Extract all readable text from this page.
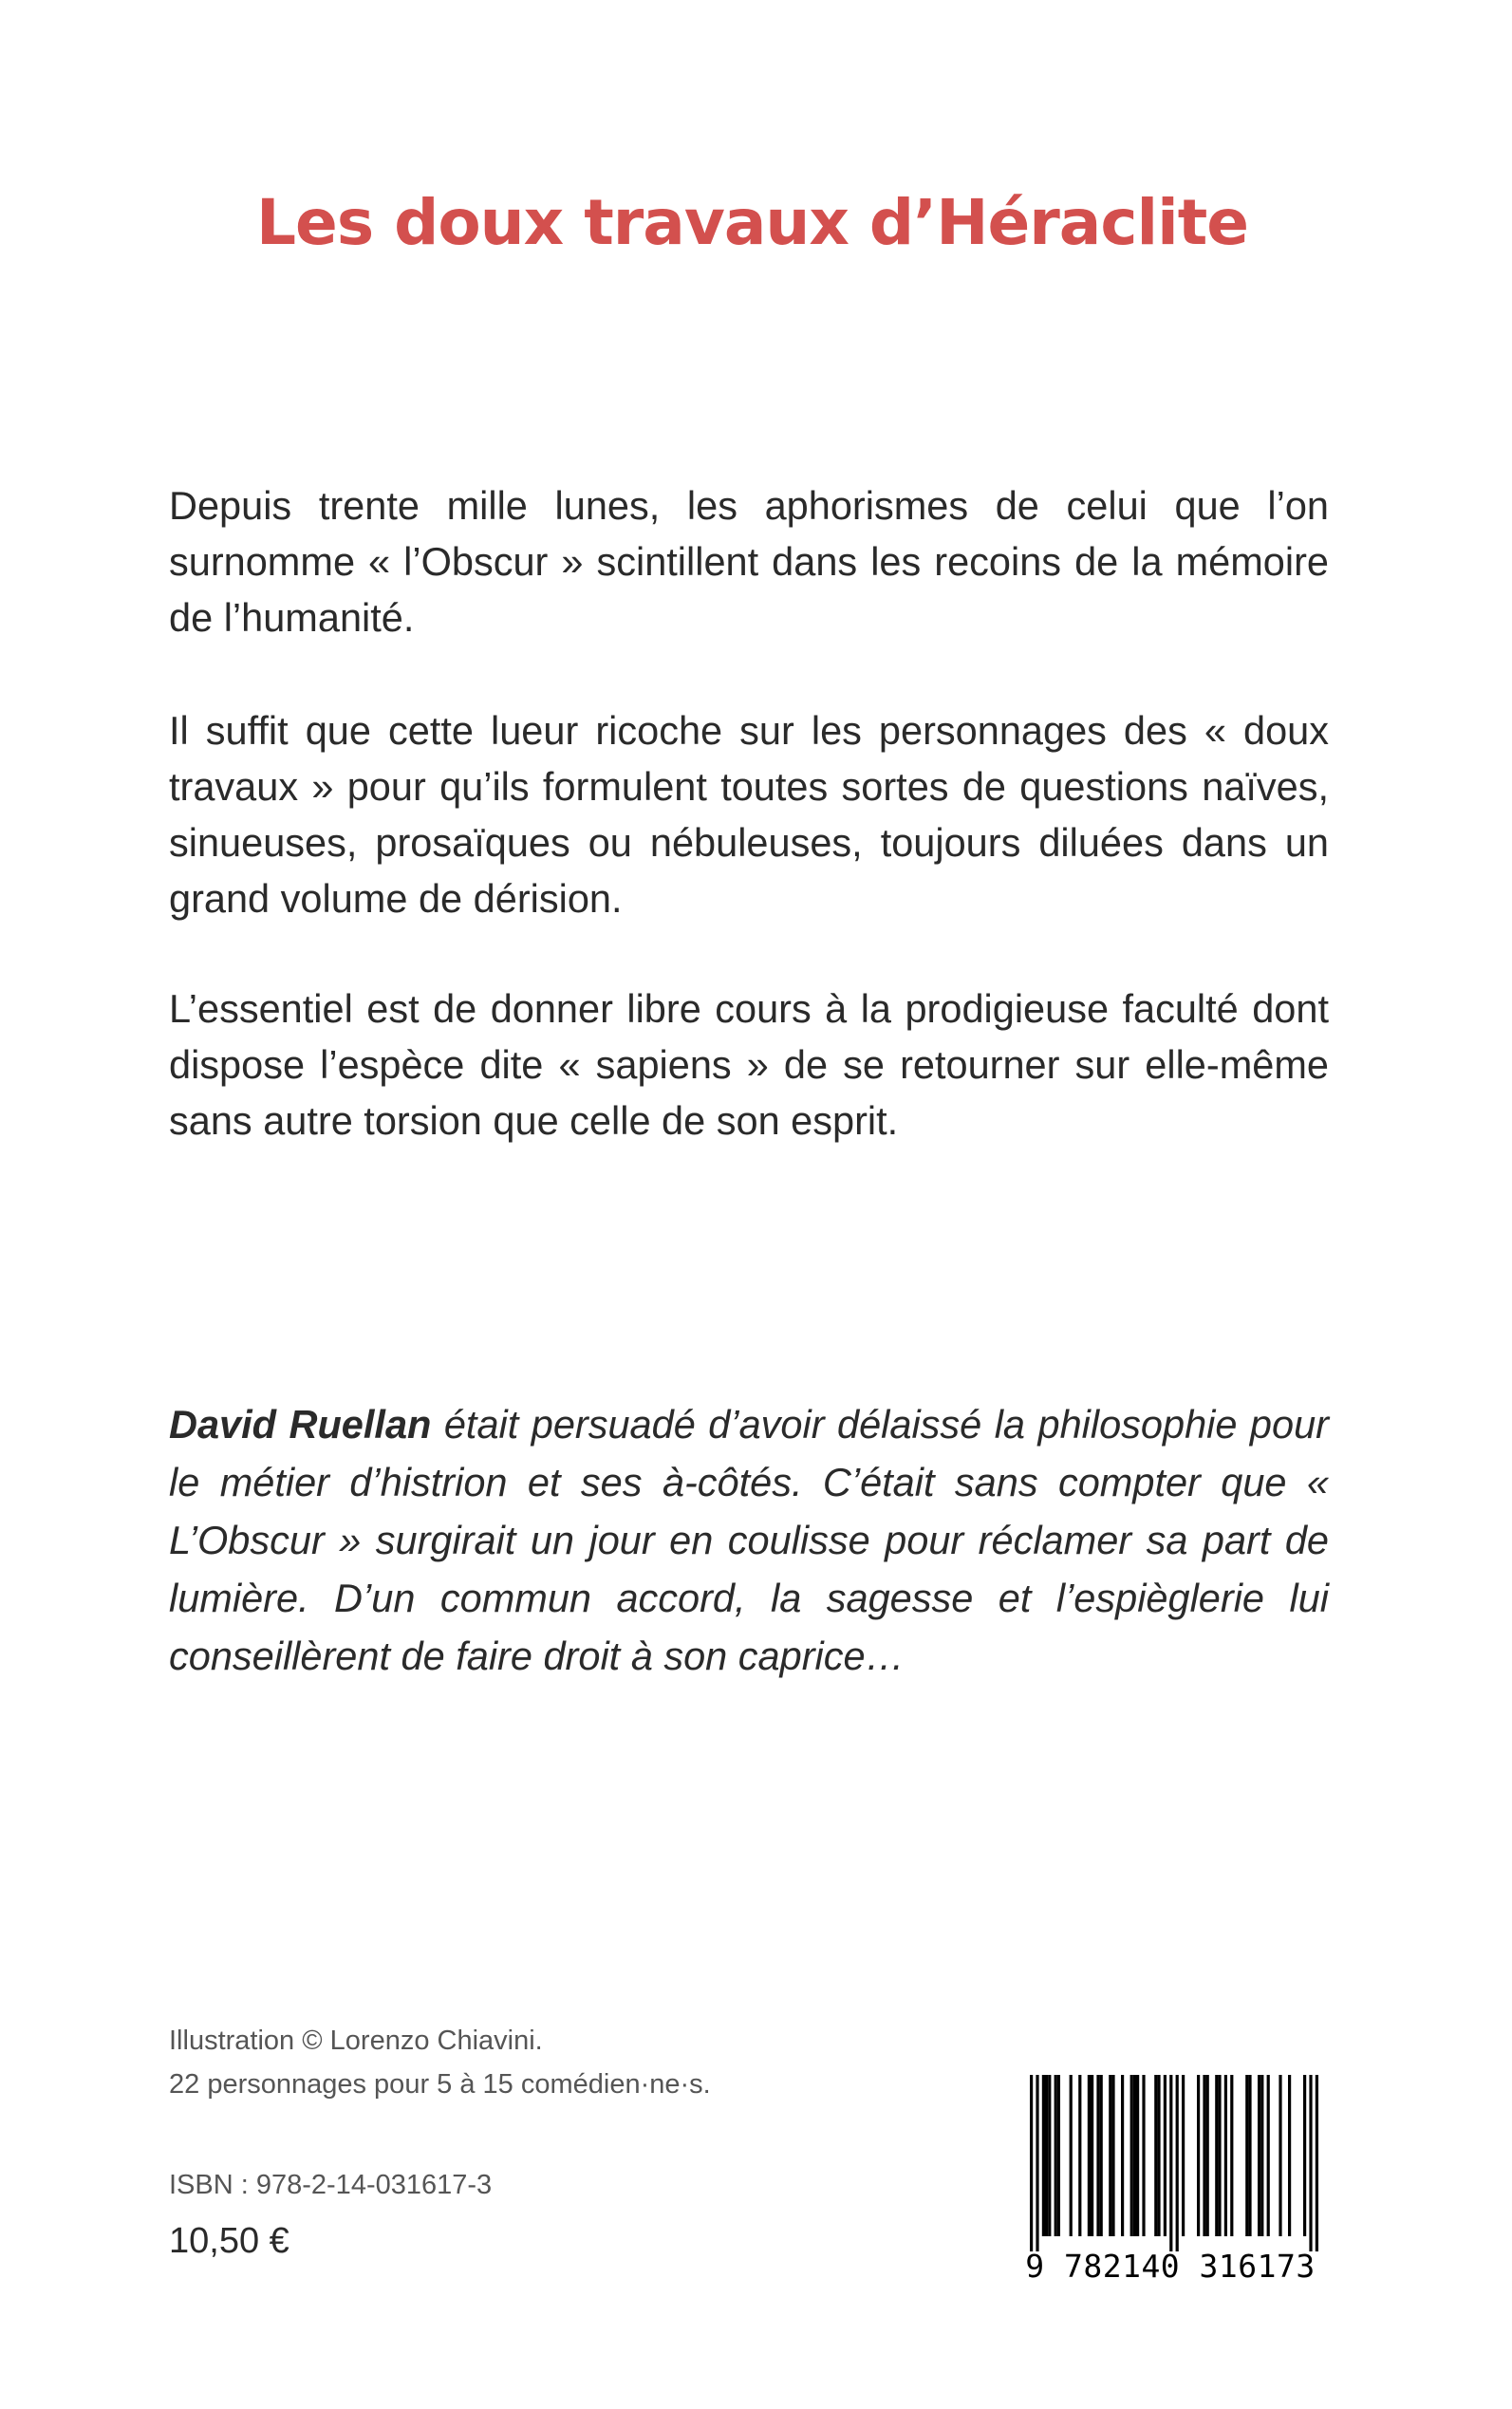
Les doux travaux d’Héraclite

Depuis trente mille lunes, les aphorismes de celui que l’on surnomme « l’Obscur » scintillent dans les recoins de la mémoire de l’humanité.

Il suffit que cette lueur ricoche sur les personnages des « doux travaux » pour qu’ils formulent toutes sortes de questions naïves, sinueuses, prosaïques ou nébuleuses, toujours diluées dans un grand volume de dérision.

L’essentiel est de donner libre cours à la prodigieuse faculté dont dispose l’espèce dite « sapiens » de se retourner sur elle-même sans autre torsion que celle de son esprit.

David Ruellan était persuadé d’avoir délaissé la philosophie pour le métier d’histrion et ses à-côtés. C’était sans compter que « L’Obscur » surgirait un jour en coulisse pour réclamer sa part de lumière. D’un commun accord, la sagesse et l’espièglerie lui conseillèrent de faire droit à son caprice…

Illustration © Lorenzo Chiavini.
22 personnages pour 5 à 15 comédien·ne·s.
ISBN : 978-2-14-031617-3
10,50 €
9 782140 316173
